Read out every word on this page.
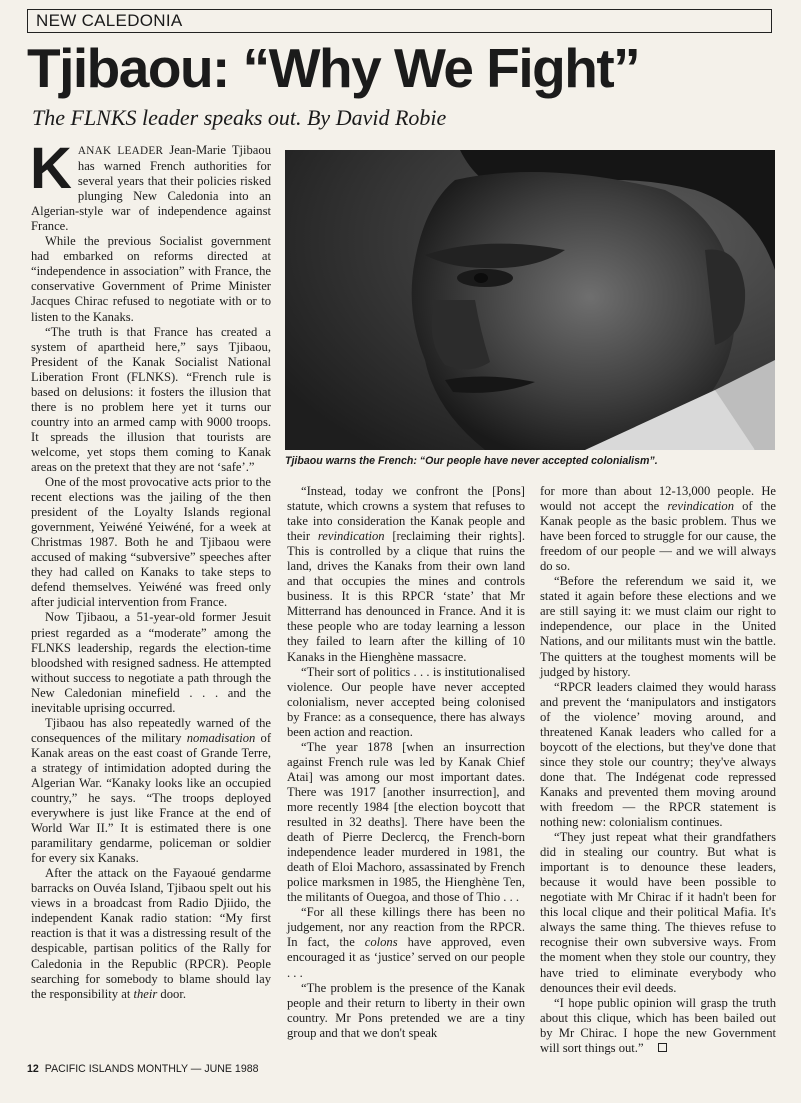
NEW CALEDONIA
Tjibaou: “Why We Fight”
The FLNKS leader speaks out. By David Robie
Tjibaou warns the French: “Our people have never accepted colonialism”.

KANAK LEADER Jean-Marie Tjibaou has warned French authorities for several years that their policies risked plunging New Caledonia into an Algerian-style war of independence against France.

While the previous Socialist government had embarked on reforms directed at “independence in association” with France, the conservative Government of Prime Minister Jacques Chirac refused to negotiate with or to listen to the Kanaks.

“The truth is that France has created a system of apartheid here,” says Tjibaou, President of the Kanak Socialist National Liberation Front (FLNKS). “French rule is based on delusions: it fosters the illusion that there is no problem here yet it turns our country into an armed camp with 9000 troops. It spreads the illusion that tourists are welcome, yet stops them coming to Kanak areas on the pretext that they are not ‘safe’.”

One of the most provocative acts prior to the recent elections was the jailing of the then president of the Loyalty Islands regional government, Yeiwéné Yeiwéné, for a week at Christmas 1987. Both he and Tjibaou were accused of making “subversive” speeches after they had called on Kanaks to take steps to defend themselves. Yeiwéné was freed only after judicial intervention from France.

Now Tjibaou, a 51-year-old former Jesuit priest regarded as a “moderate” among the FLNKS leadership, regards the election-time bloodshed with resigned sadness. He attempted without success to negotiate a path through the New Caledonian minefield . . . and the inevitable uprising occurred.

Tjibaou has also repeatedly warned of the consequences of the military nomadisation of Kanak areas on the east coast of Grande Terre, a strategy of intimidation adopted during the Algerian War. “Kanaky looks like an occupied country,” he says. “The troops deployed everywhere is just like France at the end of World War II.” It is estimated there is one paramilitary gendarme, policeman or soldier for every six Kanaks.

After the attack on the Fayaoué gendarme barracks on Ouvéa Island, Tjibaou spelt out his views in a broadcast from Radio Djiido, the independent Kanak radio station: “My first reaction is that it was a distressing result of the despicable, partisan politics of the Rally for Caledonia in the Republic (RPCR). People searching for somebody to blame should lay the responsibility at their door.

“Instead, today we confront the [Pons] statute, which crowns a system that refuses to take into consideration the Kanak people and their revindication [reclaiming their rights]. This is controlled by a clique that ruins the land, drives the Kanaks from their own land and that occupies the mines and controls business. It is this RPCR ‘state’ that Mr Mitterrand has denounced in France. And it is these people who are today learning a lesson they failed to learn after the killing of 10 Kanaks in the Hienghène massacre.

“Their sort of politics . . . is institutionalised violence. Our people have never accepted colonialism, never accepted being colonised by France: as a consequence, there has always been action and reaction.

“The year 1878 [when an insurrection against French rule was led by Kanak Chief Atai] was among our most important dates. There was 1917 [another insurrection], and more recently 1984 [the election boycott that resulted in 32 deaths]. There have been the death of Pierre Declercq, the French-born independence leader murdered in 1981, the death of Eloi Machoro, assassinated by French police marksmen in 1985, the Hienghène Ten, the militants of Ouegoa, and those of Thio . . .

“For all these killings there has been no judgement, nor any reaction from the RPCR. In fact, the colons have approved, even encouraged it as ‘justice’ served on our people . . .

“The problem is the presence of the Kanak people and their return to liberty in their own country. Mr Pons pretended we are a tiny group and that we don't speak

for more than about 12-13,000 people. He would not accept the revindication of the Kanak people as the basic problem. Thus we have been forced to struggle for our cause, the freedom of our people — and we will always do so.

“Before the referendum we said it, we stated it again before these elections and we are still saying it: we must claim our right to independence, our place in the United Nations, and our militants must win the battle. The quitters at the toughest moments will be judged by history.

“RPCR leaders claimed they would harass and prevent the ‘manipulators and instigators of the violence’ moving around, and threatened Kanak leaders who called for a boycott of the elections, but they've done that since they stole our country; they've always done that. The Indégenat code repressed Kanaks and prevented them moving around with freedom — the RPCR statement is nothing new: colonialism continues.

“They just repeat what their grandfathers did in stealing our country. But what is important is to denounce these leaders, because it would have been possible to negotiate with Mr Chirac if it hadn't been for this local clique and their political Mafia. It's always the same thing. The thieves refuse to recognise their own subversive ways. From the moment when they stole our country, they have tried to eliminate everybody who denounces their evil deeds.

“I hope public opinion will grasp the truth about this clique, which has been bailed out by Mr Chirac. I hope the new Government will sort things out.”

12 PACIFIC ISLANDS MONTHLY — JUNE 1988
